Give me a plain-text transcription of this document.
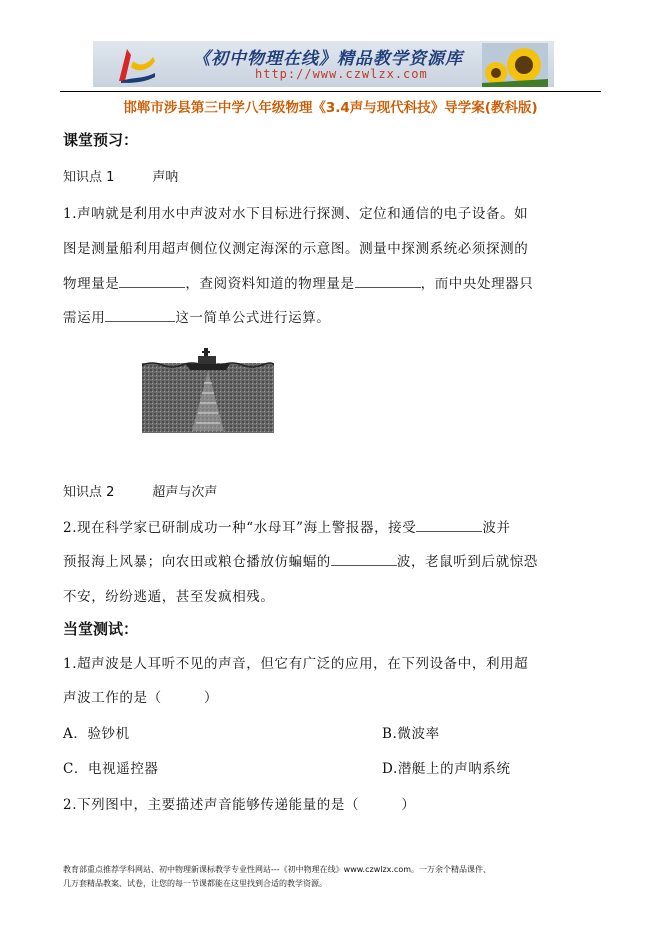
《初中物理在线》精品教学资源库
http://www.czwlzx.com
邯郸市涉县第三中学八年级物理《3.4声与现代科技》导学案(教科版)
课堂预习：
知识点 1	声呐
1.声呐就是利用水中声波对水下目标进行探测、定位和通信的电子设备。如
图是测量船利用超声侧位仪测定海深的示意图。测量中探测系统必须探测的
物理量是	，查阅资料知道的物理量是	，而中央处理器只
需运用	这一简单公式进行运算。
知识点 2	超声与次声
2.现在科学家已研制成功一种“水母耳”海上警报器，接受	波并
预报海上风暴；向农田或粮仓播放仿蝙蝠的	波，老鼠听到后就惊恐
不安，纷纷逃遁，甚至发疯相残。
当堂测试：
1.超声波是人耳听不见的声音，但它有广泛的应用，在下列设备中，利用超
声波工作的是（　　　）
A．验钞机	B.微波率
C．电视遥控器	D.潜艇上的声呐系统
2.下列图中，主要描述声音能够传递能量的是（　　　）
教育部重点推荐学科网站、初中物理新课标教学专业性网站---《初中物理在线》www.czwlzx.com。一万余个精品课件、
几万套精品教案、试卷，让您的每一节课都能在这里找到合适的教学资源。
